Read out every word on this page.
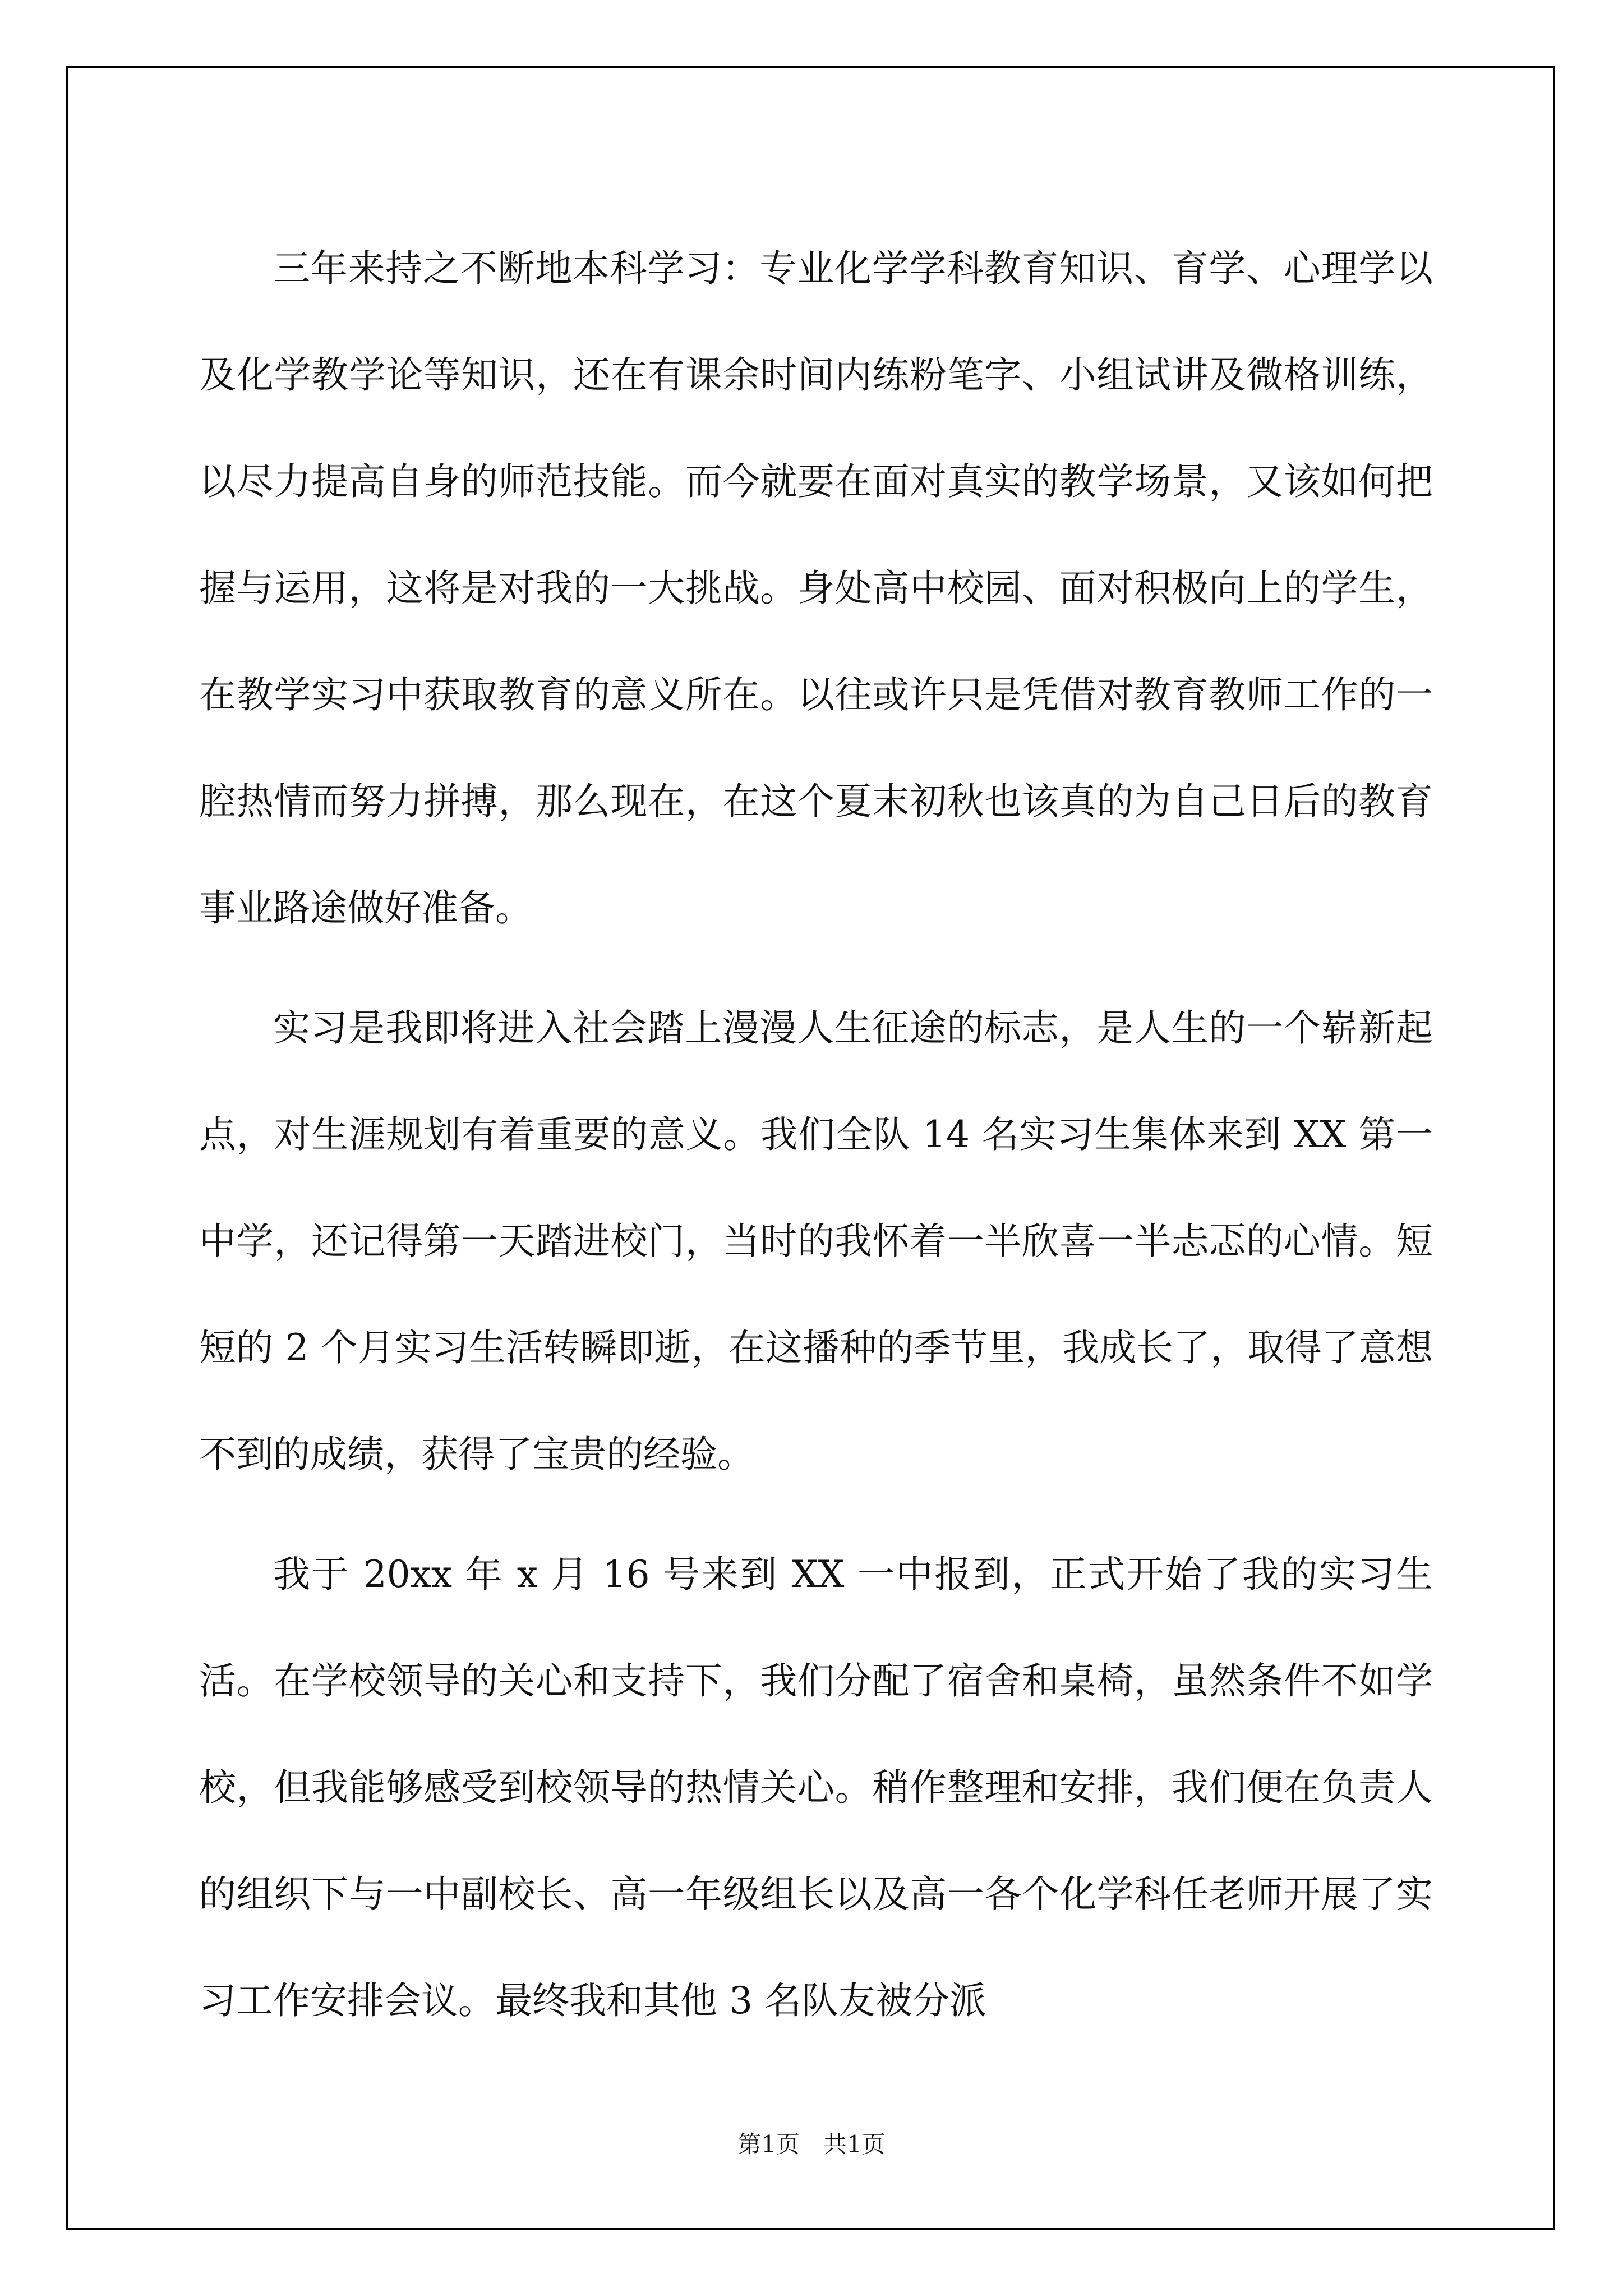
三年来持之不断地本科学习：专业化学学科教育知识、育学、心理学以及化学教学论等知识，还在有课余时间内练粉笔字、小组试讲及微格训练，以尽力提高自身的师范技能。而今就要在面对真实的教学场景，又该如何把握与运用，这将是对我的一大挑战。身处高中校园、面对积极向上的学生，在教学实习中获取教育的意义所在。以往或许只是凭借对教育教师工作的一腔热情而努力拼搏，那么现在，在这个夏末初秋也该真的为自己日后的教育事业路途做好准备。

实习是我即将进入社会踏上漫漫人生征途的标志，是人生的一个崭新起点，对生涯规划有着重要的意义。我们全队 14 名实习生集体来到 XX 第一中学，还记得第一天踏进校门，当时的我怀着一半欣喜一半忐忑的心情。短短的 2 个月实习生活转瞬即逝，在这播种的季节里，我成长了，取得了意想不到的成绩，获得了宝贵的经验。

我于 20xx 年 x 月 16 号来到 XX 一中报到，正式开始了我的实习生活。在学校领导的关心和支持下，我们分配了宿舍和桌椅，虽然条件不如学校，但我能够感受到校领导的热情关心。稍作整理和安排，我们便在负责人的组织下与一中副校长、高一年级组长以及高一各个化学科任老师开展了实习工作安排会议。最终我和其他 3 名队友被分派

第1页　共1页
